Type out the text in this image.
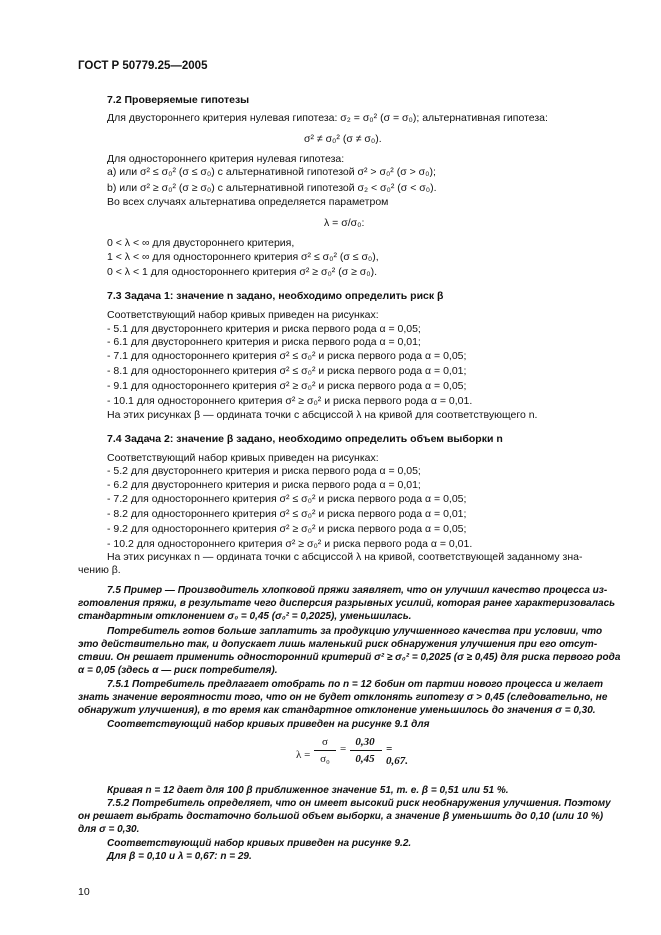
ГОСТ Р 50779.25—2005
7.2 Проверяемые гипотезы
Для двустороннего критерия нулевая гипотеза: σ₂ = σ₀² (σ = σ₀); альтернативная гипотеза:
σ² ≠ σ₀² (σ ≠ σ₀).
Для одностороннего критерия нулевая гипотеза:
а) или σ² ≤ σ₀² (σ ≤ σ₀) с альтернативной гипотезой σ² > σ₀² (σ > σ₀);
b) или σ² ≥ σ₀² (σ ≥ σ₀) с альтернативной гипотезой σ₂ < σ₀² (σ < σ₀).
Во всех случаях альтернатива определяется параметром
λ = σ/σ₀:
0 < λ < ∞ для двустороннего критерия,
1 < λ < ∞ для одностороннего критерия σ² ≤ σ₀² (σ ≤ σ₀),
0 < λ < 1 для одностороннего критерия σ² ≥ σ₀² (σ ≥ σ₀).
7.3 Задача 1: значение n задано, необходимо определить риск β
Соответствующий набор кривых приведен на рисунках:
- 5.1 для двустороннего критерия и риска первого рода α = 0,05;
- 6.1 для двустороннего критерия и риска первого рода α = 0,01;
- 7.1 для одностороннего критерия σ² ≤ σ₀² и риска первого рода α = 0,05;
- 8.1 для одностороннего критерия σ² ≤ σ₀² и риска первого рода α = 0,01;
- 9.1 для одностороннего критерия σ² ≥ σ₀² и риска первого рода α = 0,05;
- 10.1 для одностороннего критерия σ² ≥ σ₀² и риска первого рода α = 0,01.
На этих рисунках β — ордината точки с абсциссой λ на кривой для соответствующего n.
7.4 Задача 2: значение β задано, необходимо определить объем выборки n
Соответствующий набор кривых приведен на рисунках:
- 5.2 для двустороннего критерия и риска первого рода α = 0,05;
- 6.2 для двустороннего критерия и риска первого рода α = 0,01;
- 7.2 для одностороннего критерия σ² ≤ σ₀² и риска первого рода α = 0,05;
- 8.2 для одностороннего критерия σ² ≤ σ₀² и риска первого рода α = 0,01;
- 9.2 для одностороннего критерия σ² ≥ σ₀² и риска первого рода α = 0,05;
- 10.2 для одностороннего критерия σ² ≥ σ₀² и риска первого рода α = 0,01.
На этих рисунках n — ордината точки с абсциссой λ на кривой, соответствующей заданному зна-
чению β.
7.5 Пример — Производитель хлопковой пряжи заявляет, что он улучшил качество процесса из-
готовления пряжи, в результате чего дисперсия разрывных усилий, которая ранее характеризовалась
стандартным отклонением σ₀ = 0,45 (σ₀² = 0,2025), уменьшилась.
Потребитель готов больше заплатить за продукцию улучшенного качества при условии, что
это действительно так, и допускает лишь маленький риск обнаружения улучшения при его отсут-
ствии. Он решает применить односторонний критерий σ² ≥ σ₀² = 0,2025 (σ ≥ 0,45) для риска первого рода
α = 0,05 (здесь α — риск потребителя).
7.5.1 Потребитель предлагает отобрать по n = 12 бобин от партии нового процесса и желает
знать значение вероятности того, что он не будет отклонять гипотезу σ > 0,45 (следовательно, не
обнаружит улучшения), в то время как стандартное отклонение уменьшилось до значения σ = 0,30.
Соответствующий набор кривых приведен на рисунке 9.1 для
λ =
σ
σ₀
=
0,30
0,45
= 0,67.
Кривая n = 12 дает для 100 β приближенное значение 51, т. е. β = 0,51 или 51 %.
7.5.2 Потребитель определяет, что он имеет высокий риск необнаружения улучшения. Поэтому
он решает выбрать достаточно большой объем выборки, а значение β уменьшить до 0,10 (или 10 %)
для σ = 0,30.
Соответствующий набор кривых приведен на рисунке 9.2.
Для β = 0,10 и λ = 0,67: n = 29.
10
